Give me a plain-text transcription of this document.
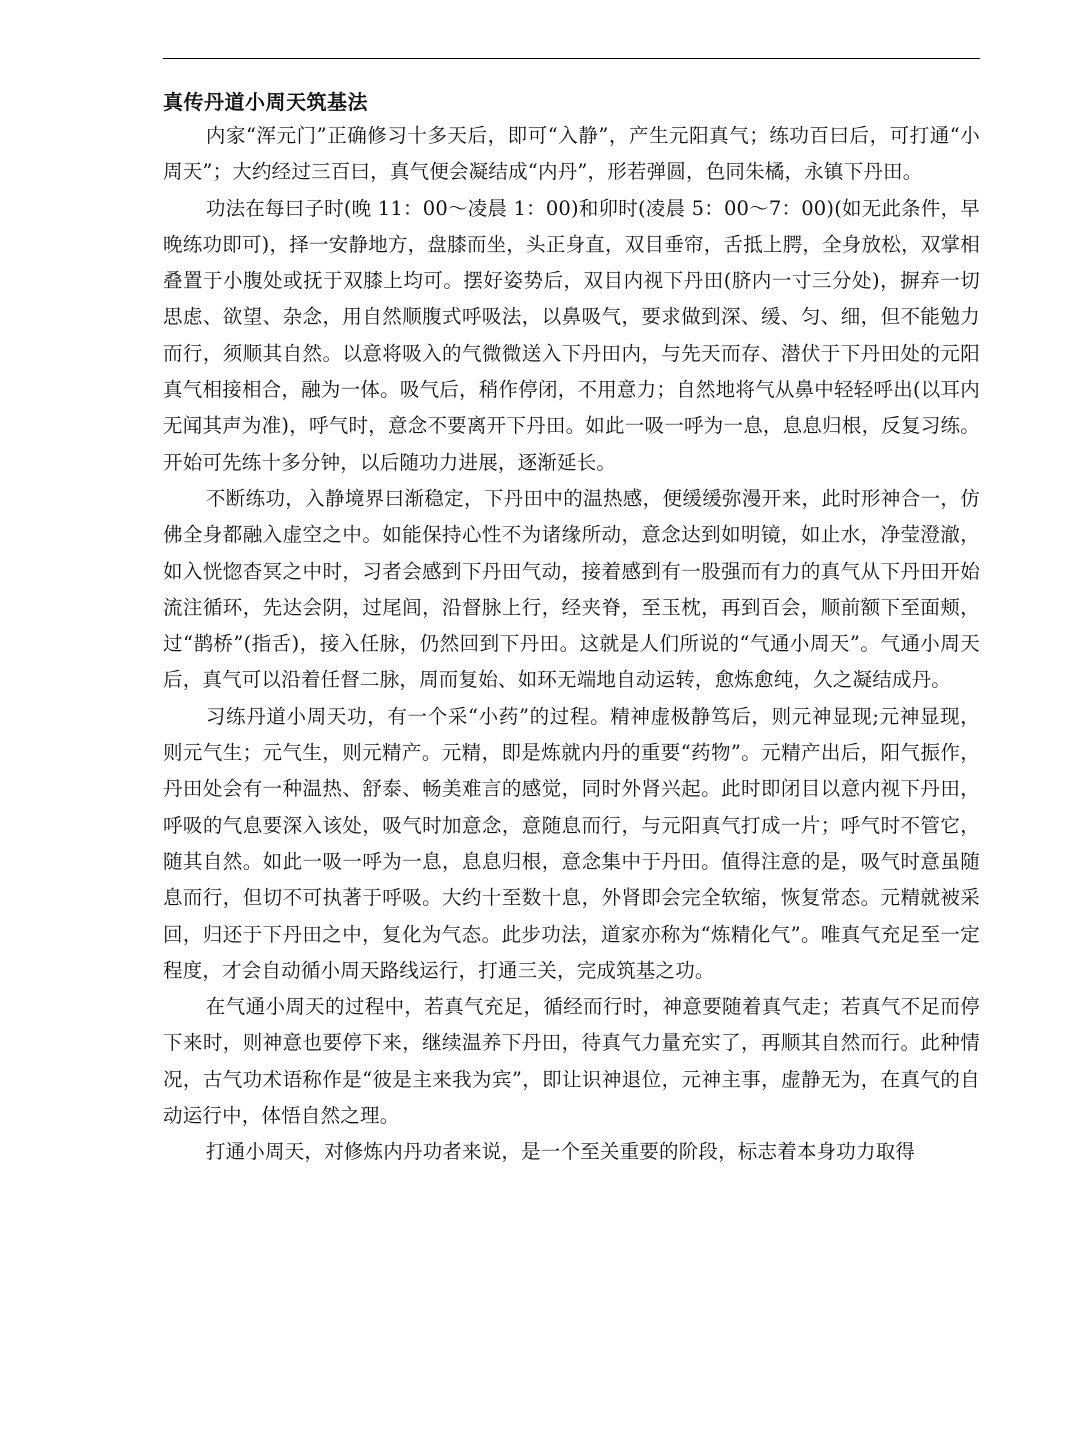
真传丹道小周天筑基法

内家“浑元门”正确修习十多天后，即可“入静”，产生元阳真气；练功百曰后，可打通“小周天”；大约经过三百曰，真气便会凝结成“内丹”，形若弹圆，色同朱橘，永镇下丹田。

功法在每曰子时(晚 11：00～凌晨 1：00)和卯时(凌晨 5：00～7：00)(如无此条件，早晚练功即可)，择一安静地方，盘膝而坐，头正身直，双目垂帘，舌抵上腭，全身放松，双掌相叠置于小腹处或抚于双膝上均可。摆好姿势后，双目内视下丹田(脐内一寸三分处)，摒弃一切思虑、欲望、杂念，用自然顺腹式呼吸法，以鼻吸气，要求做到深、缓、匀、细，但不能勉力而行，须顺其自然。以意将吸入的气微微送入下丹田内，与先天而存、潜伏于下丹田处的元阳真气相接相合，融为一体。吸气后，稍作停闭，不用意力；自然地将气从鼻中轻轻呼出(以耳内无闻其声为准)，呼气时，意念不要离开下丹田。如此一吸一呼为一息，息息归根，反复习练。开始可先练十多分钟，以后随功力进展，逐渐延长。

不断练功，入静境界曰渐稳定，下丹田中的温热感，便缓缓弥漫开来，此时形神合一，仿佛全身都融入虚空之中。如能保持心性不为诸缘所动，意念达到如明镜，如止水，净莹澄澈，如入恍惚杳冥之中时，习者会感到下丹田气动，接着感到有一股强而有力的真气从下丹田开始流注循环，先达会阴，过尾闾，沿督脉上行，经夹脊，至玉枕，再到百会，顺前额下至面颊，过“鹊桥”(指舌)，接入任脉，仍然回到下丹田。这就是人们所说的“气通小周天”。气通小周天后，真气可以沿着任督二脉，周而复始、如环无端地自动运转，愈炼愈纯，久之凝结成丹。

习练丹道小周天功，有一个采“小药”的过程。精神虚极静笃后，则元神显现;元神显现，则元气生；元气生，则元精产。元精，即是炼就内丹的重要“药物”。元精产出后，阳气振作，丹田处会有一种温热、舒泰、畅美难言的感觉，同时外肾兴起。此时即闭目以意内视下丹田，呼吸的气息要深入该处，吸气时加意念，意随息而行，与元阳真气打成一片；呼气时不管它，随其自然。如此一吸一呼为一息，息息归根，意念集中于丹田。值得注意的是，吸气时意虽随息而行，但切不可执著于呼吸。大约十至数十息，外肾即会完全软缩，恢复常态。元精就被采回，归还于下丹田之中，复化为气态。此步功法，道家亦称为“炼精化气”。唯真气充足至一定程度，才会自动循小周天路线运行，打通三关，完成筑基之功。

在气通小周天的过程中，若真气充足，循经而行时，神意要随着真气走；若真气不足而停下来时，则神意也要停下来，继续温养下丹田，待真气力量充实了，再顺其自然而行。此种情况，古气功术语称作是“彼是主来我为宾”，即让识神退位，元神主事，虚静无为，在真气的自动运行中，体悟自然之理。

打通小周天，对修炼内丹功者来说，是一个至关重要的阶段，标志着本身功力取得
